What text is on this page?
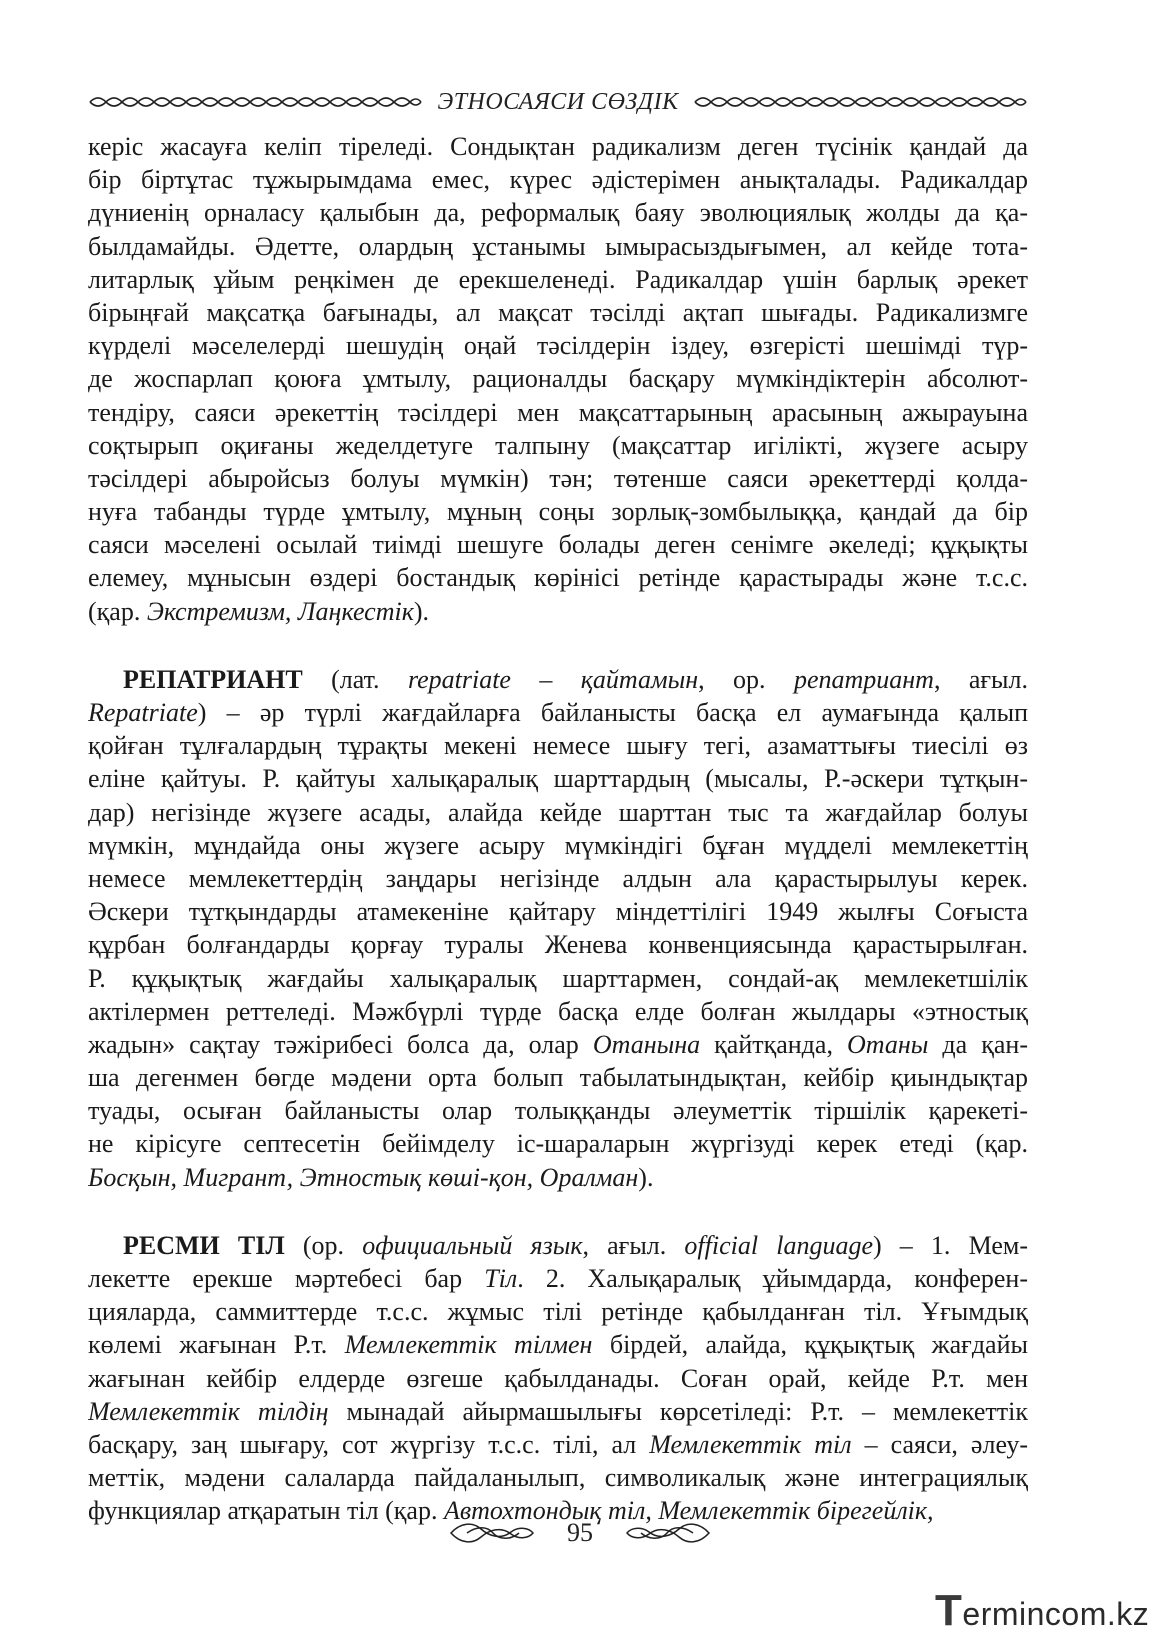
ЭТНОСАЯСИ СӨЗДІК
керіс жасауға келіп тіреледі. Сондықтан радикализм деген түсінік қандай да
бір біртұтас тұжырымдама емес, күрес әдістерімен анықталады. Радикалдар
дүниенің орналасу қалыбын да, реформалық баяу эволюциялық жолды да қа-
былдамайды. Әдетте, олардың ұстанымы ымырасыздығымен, ал кейде тота-
литарлық ұйым реңкімен де ерекшеленеді. Радикалдар үшін барлық әрекет
бірыңғай мақсатқа бағынады, ал мақсат тәсілді ақтап шығады. Радикализмге
күрделі мәселелерді шешудің оңай тәсілдерін іздеу, өзгерісті шешімді түр-
де жоспарлап қоюға ұмтылу, рационалды басқару мүмкіндіктерін абсолют-
тендіру, саяси әрекеттің тәсілдері мен мақсаттарының арасының ажырауына
соқтырып оқиғаны жеделдетуге талпыну (мақсаттар игілікті, жүзеге асыру
тәсілдері абыройсыз болуы мүмкін) тән; төтенше саяси әрекеттерді қолда-
нуға табанды түрде ұмтылу, мұның соңы зорлық-зомбылыққа, қандай да бір
саяси мәселені осылай тиімді шешуге болады деген сенімге әкеледі; құқықты
елемеу, мұнысын өздері бостандық көрінісі ретінде қарастырады және т.с.с.
(қар. Экстремизм, Лаңкестік).
РЕПАТРИАНТ (лат. repatriate – қайтамын, ор. репатриант, ағыл.
Repatriate) – әр түрлі жағдайларға байланысты басқа ел аумағында қалып
қойған тұлғалардың тұрақты мекені немесе шығу тегі, азаматтығы тиесілі өз
еліне қайтуы. Р. қайтуы халықаралық шарттардың (мысалы, Р.-әскери тұтқын-
дар) негізінде жүзеге асады, алайда кейде шарттан тыс та жағдайлар болуы
мүмкін, мұндайда оны жүзеге асыру мүмкіндігі бұған мүдделі мемлекеттің
немесе мемлекеттердің заңдары негізінде алдын ала қарастырылуы керек.
Әскери тұтқындарды атамекеніне қайтару міндеттілігі 1949 жылғы Соғыста
құрбан болғандарды қорғау туралы Женева конвенциясында қарастырылған.
Р. құқықтық жағдайы халықаралық шарттармен, сондай-ақ мемлекетшілік
актілермен реттеледі. Мәжбүрлі түрде басқа елде болған жылдары «этностық
жадын» сақтау тәжірибесі болса да, олар Отанына қайтқанда, Отаны да қан-
ша дегенмен бөгде мәдени орта болып табылатындықтан, кейбір қиындықтар
туады, осыған байланысты олар толыққанды әлеуметтік тіршілік қарекеті-
не кірісуге септесетін бейімделу іс-шараларын жүргізуді керек етеді (қар.
Босқын, Мигрант, Этностық көші-қон, Оралман).
РЕСМИ ТІЛ (ор. официальный язык, ағыл. official language) – 1. Мем-
лекетте ерекше мәртебесі бар Тіл. 2. Халықаралық ұйымдарда, конферен-
цияларда, саммиттерде т.с.с. жұмыс тілі ретінде қабылданған тіл. Ұғымдық
көлемі жағынан Р.т. Мемлекеттік тілмен бірдей, алайда, құқықтық жағдайы
жағынан кейбір елдерде өзгеше қабылданады. Соған орай, кейде Р.т. мен
Мемлекеттік тілдің мынадай айырмашылығы көрсетіледі: Р.т. – мемлекеттік
басқару, заң шығару, сот жүргізу т.с.с. тілі, ал Мемлекеттік тіл – саяси, әлеу-
меттік, мәдени салаларда пайдаланылып, символикалық және интеграциялық
функциялар атқаратын тіл (қар. Автохтондық тіл, Мемлекеттік бірегейлік,
95
Termincom.kz
